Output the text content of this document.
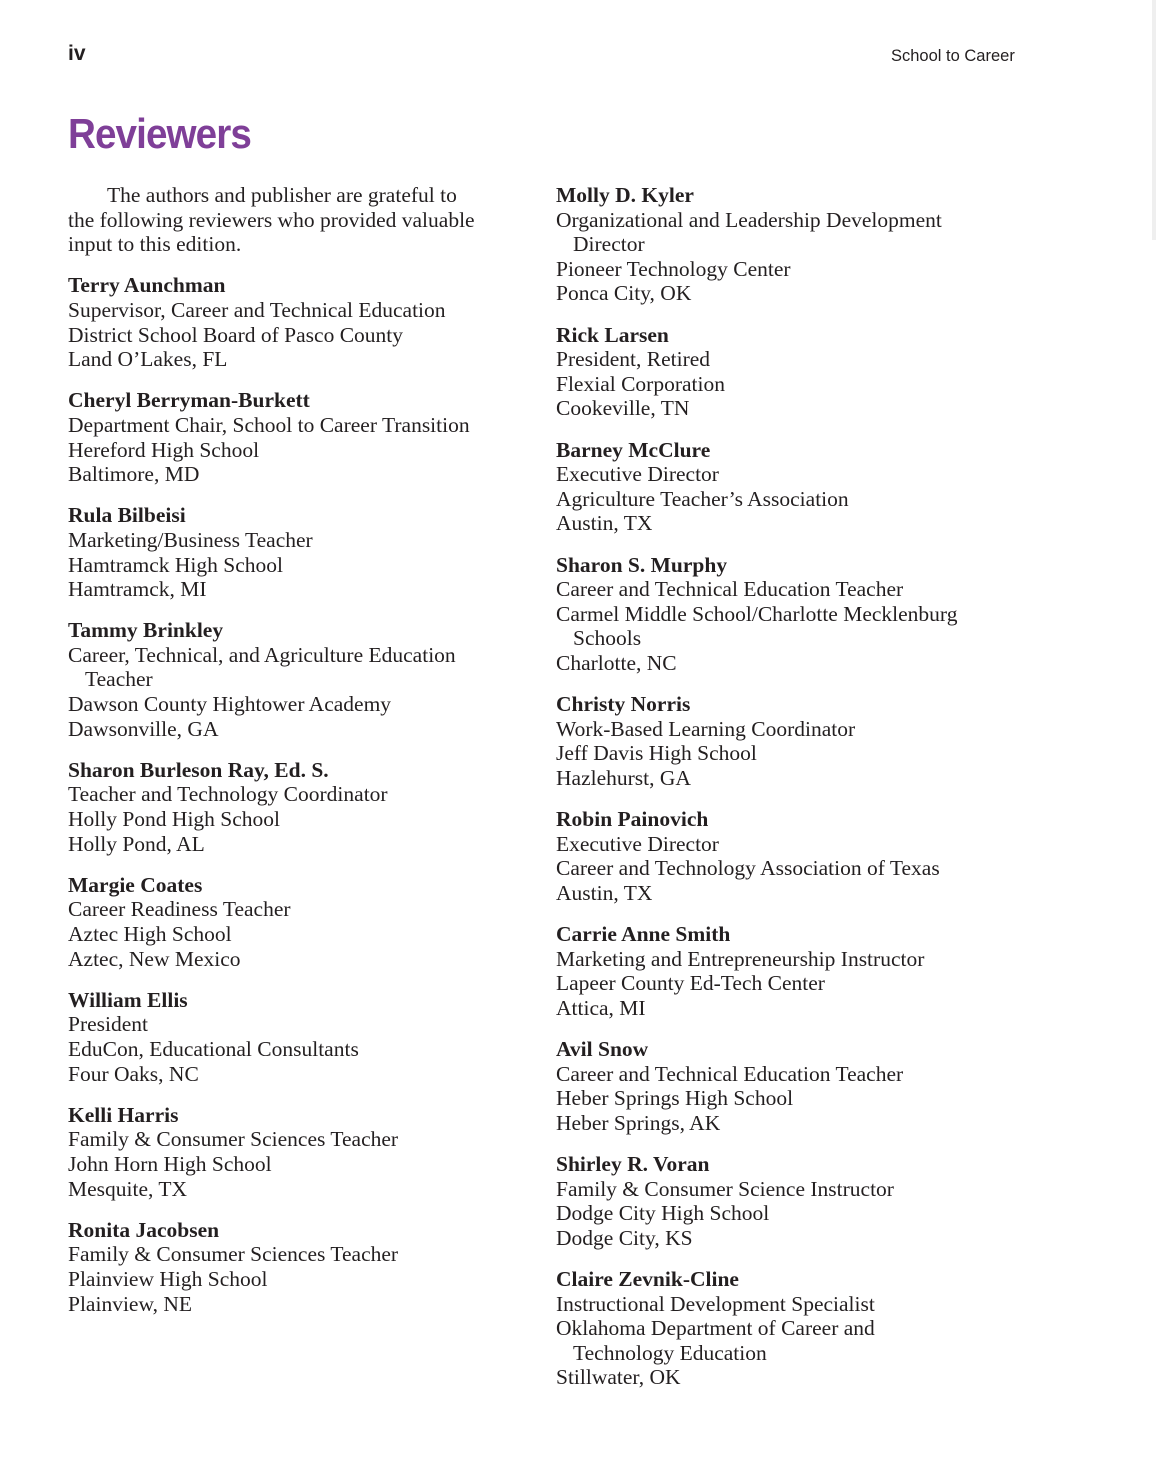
iv	School to Career
Reviewers

The authors and publisher are grateful to
the following reviewers who provided valuable
input to this edition.

Terry Aunchman
Supervisor, Career and Technical Education
District School Board of Pasco County
Land O’Lakes, FL
Cheryl Berryman-Burkett
Department Chair, School to Career Transition
Hereford High School
Baltimore, MD
Rula Bilbeisi
Marketing/Business Teacher
Hamtramck High School
Hamtramck, MI
Tammy Brinkley
Career, Technical, and Agriculture Education
Teacher
Dawson County Hightower Academy
Dawsonville, GA
Sharon Burleson Ray, Ed. S.
Teacher and Technology Coordinator
Holly Pond High School
Holly Pond, AL
Margie Coates
Career Readiness Teacher
Aztec High School
Aztec, New Mexico
William Ellis
President
EduCon, Educational Consultants
Four Oaks, NC
Kelli Harris
Family & Consumer Sciences Teacher
John Horn High School
Mesquite, TX
Ronita Jacobsen
Family & Consumer Sciences Teacher
Plainview High School
Plainview, NE
Molly D. Kyler
Organizational and Leadership Development
Director
Pioneer Technology Center
Ponca City, OK
Rick Larsen
President, Retired
Flexial Corporation
Cookeville, TN
Barney McClure
Executive Director
Agriculture Teacher’s Association
Austin, TX
Sharon S. Murphy
Career and Technical Education Teacher
Carmel Middle School/Charlotte Mecklenburg
Schools
Charlotte, NC
Christy Norris
Work-Based Learning Coordinator
Jeff Davis High School
Hazlehurst, GA
Robin Painovich
Executive Director
Career and Technology Association of Texas
Austin, TX
Carrie Anne Smith
Marketing and Entrepreneurship Instructor
Lapeer County Ed-Tech Center
Attica, MI
Avil Snow
Career and Technical Education Teacher
Heber Springs High School
Heber Springs, AK
Shirley R. Voran
Family & Consumer Science Instructor
Dodge City High School
Dodge City, KS
Claire Zevnik-Cline
Instructional Development Specialist
Oklahoma Department of Career and
Technology Education
Stillwater, OK
